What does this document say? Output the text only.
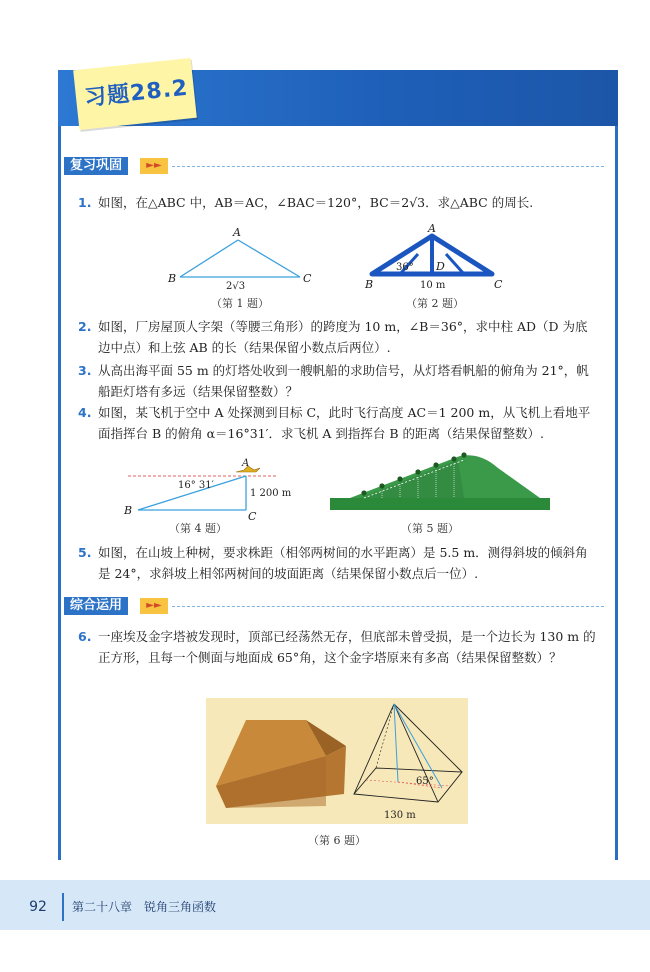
习题28.2
复习巩固	►►
1. 如图，在△ABC 中，AB＝AC，∠BAC＝120°，BC＝2√3．求△ABC 的周长.
A
B	C
2√3
（第 1 题）
A
B	C
D
36°
10 m
（第 2 题）
2. 如图，厂房屋顶人字架（等腰三角形）的跨度为 10 m，∠B＝36°，求中柱 AD（D 为底边中点）和上弦 AB 的长（结果保留小数点后两位）.
3. 从高出海平面 55 m 的灯塔处收到一艘帆船的求助信号，从灯塔看帆船的俯角为 21°，帆船距灯塔有多远（结果保留整数）？
4. 如图，某飞机于空中 A 处探测到目标 C，此时飞行高度 AC＝1 200 m，从飞机上看地平面指挥台 B 的俯角 α＝16°31′．求飞机 A 到指挥台 B 的距离（结果保留整数）.
A
B	C
16° 31′
1 200 m
（第 4 题）	（第 5 题）
5. 如图，在山坡上种树，要求株距（相邻两树间的水平距离）是 5.5 m．测得斜坡的倾斜角是 24°，求斜坡上相邻两树间的坡面距离（结果保留小数点后一位）.
综合运用	►►
6. 一座埃及金字塔被发现时，顶部已经荡然无存，但底部未曾受损，是一个边长为 130 m 的正方形，且每一个侧面与地面成 65°角，这个金字塔原来有多高（结果保留整数）？
65°
130 m
（第 6 题）
92	第二十八章　锐角三角函数
